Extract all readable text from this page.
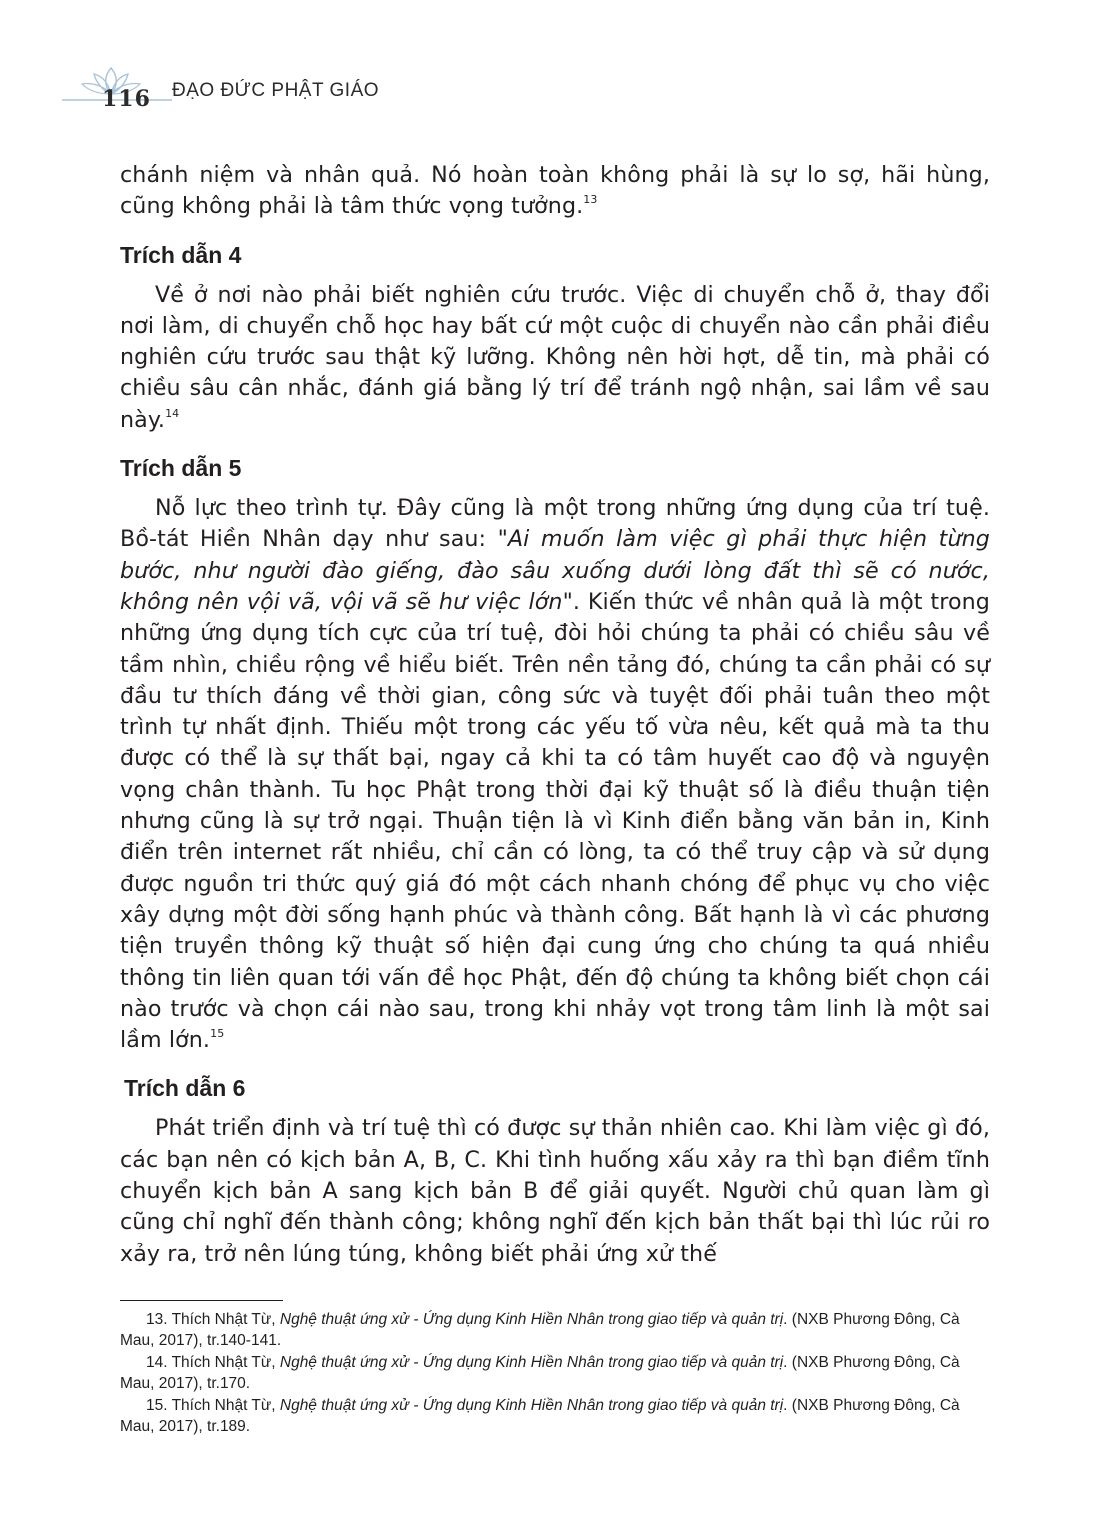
116 ĐẠO ĐỨC PHẬT GIÁO

chánh niệm và nhân quả. Nó hoàn toàn không phải là sự lo sợ, hãi hùng, cũng không phải là tâm thức vọng tưởng.$^{13}$

Trích dẫn 4

Về ở nơi nào phải biết nghiên cứu trước. Việc di chuyển chỗ ở, thay đổi nơi làm, di chuyển chỗ học hay bất cứ một cuộc di chuyển nào cần phải điều nghiên cứu trước sau thật kỹ lưỡng. Không nên hời hợt, dễ tin, mà phải có chiều sâu cân nhắc, đánh giá bằng lý trí để tránh ngộ nhận, sai lầm về sau này.$^{14}$

Trích dẫn 5

Nỗ lực theo trình tự. Đây cũng là một trong những ứng dụng của trí tuệ. Bồ-tát Hiền Nhân dạy như sau: "Ai muốn làm việc gì phải thực hiện từng bước, như người đào giếng, đào sâu xuống dưới lòng đất thì sẽ có nước, không nên vội vã, vội vã sẽ hư việc lớn". Kiến thức về nhân quả là một trong những ứng dụng tích cực của trí tuệ, đòi hỏi chúng ta phải có chiều sâu về tầm nhìn, chiều rộng về hiểu biết. Trên nền tảng đó, chúng ta cần phải có sự đầu tư thích đáng về thời gian, công sức và tuyệt đối phải tuân theo một trình tự nhất định. Thiếu một trong các yếu tố vừa nêu, kết quả mà ta thu được có thể là sự thất bại, ngay cả khi ta có tâm huyết cao độ và nguyện vọng chân thành. Tu học Phật trong thời đại kỹ thuật số là điều thuận tiện nhưng cũng là sự trở ngại. Thuận tiện là vì Kinh điển bằng văn bản in, Kinh điển trên internet rất nhiều, chỉ cần có lòng, ta có thể truy cập và sử dụng được nguồn tri thức quý giá đó một cách nhanh chóng để phục vụ cho việc xây dựng một đời sống hạnh phúc và thành công. Bất hạnh là vì các phương tiện truyền thông kỹ thuật số hiện đại cung ứng cho chúng ta quá nhiều thông tin liên quan tới vấn đề học Phật, đến độ chúng ta không biết chọn cái nào trước và chọn cái nào sau, trong khi nhảy vọt trong tâm linh là một sai lầm lớn.$^{15}$

Trích dẫn 6

Phát triển định và trí tuệ thì có được sự thản nhiên cao. Khi làm việc gì đó, các bạn nên có kịch bản A, B, C. Khi tình huống xấu xảy ra thì bạn điềm tĩnh chuyển kịch bản A sang kịch bản B để giải quyết. Người chủ quan làm gì cũng chỉ nghĩ đến thành công; không nghĩ đến kịch bản thất bại thì lúc rủi ro xảy ra, trở nên lúng túng, không biết phải ứng xử thế

13. Thích Nhật Từ, Nghệ thuật ứng xử - Ứng dụng Kinh Hiền Nhân trong giao tiếp và quản trị. (NXB Phương Đông, Cà Mau, 2017), tr.140-141.

14. Thích Nhật Từ, Nghệ thuật ứng xử - Ứng dụng Kinh Hiền Nhân trong giao tiếp và quản trị. (NXB Phương Đông, Cà Mau, 2017), tr.170.

15. Thích Nhật Từ, Nghệ thuật ứng xử - Ứng dụng Kinh Hiền Nhân trong giao tiếp và quản trị. (NXB Phương Đông, Cà Mau, 2017), tr.189.
